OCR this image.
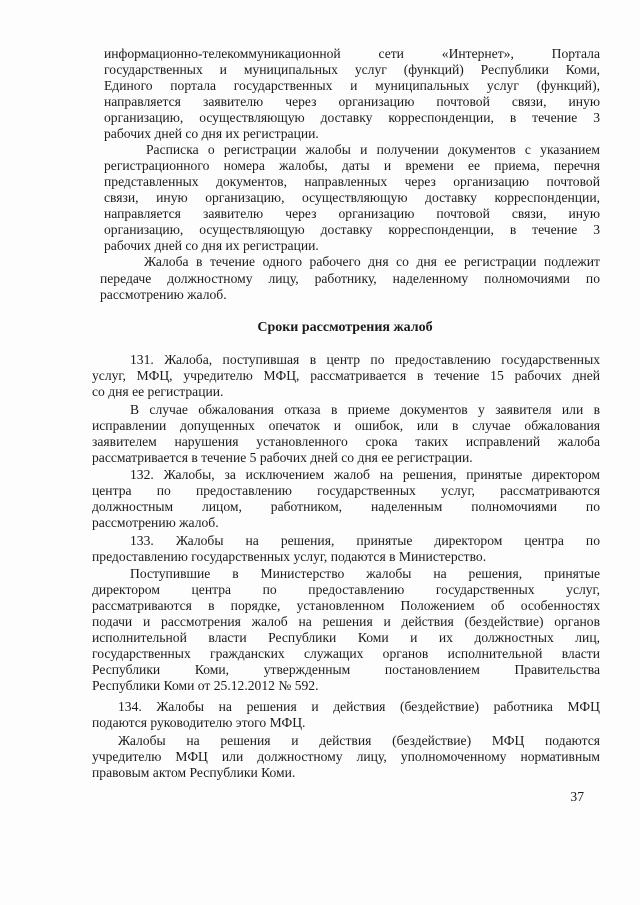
информационно-телекоммуникационной сети «Интернет», Портала
государственных и муниципальных услуг (функций) Республики Коми,
Единого портала государственных и муниципальных услуг (функций),
направляется заявителю через организацию почтовой связи, иную
организацию, осуществляющую доставку корреспонденции, в течение 3
рабочих дней со дня их регистрации.
Расписка о регистрации жалобы и получении документов с указанием
регистрационного номера жалобы, даты и времени ее приема, перечня
представленных документов, направленных через организацию почтовой
связи, иную организацию, осуществляющую доставку корреспонденции,
направляется заявителю через организацию почтовой связи, иную
организацию, осуществляющую доставку корреспонденции, в течение 3
рабочих дней со дня их регистрации.
Жалоба в течение одного рабочего дня со дня ее регистрации подлежит
передаче должностному лицу, работнику, наделенному полномочиями по
рассмотрению жалоб.
Сроки рассмотрения жалоб
131. Жалоба, поступившая в центр по предоставлению государственных
услуг, МФЦ, учредителю МФЦ, рассматривается в течение 15 рабочих дней
со дня ее регистрации.
В случае обжалования отказа в приеме документов у заявителя или в
исправлении допущенных опечаток и ошибок, или в случае обжалования
заявителем нарушения установленного срока таких исправлений жалоба
рассматривается в течение 5 рабочих дней со дня ее регистрации.
132. Жалобы, за исключением жалоб на решения, принятые директором
центра по предоставлению государственных услуг, рассматриваются
должностным лицом, работником, наделенным полномочиями по
рассмотрению жалоб.
133. Жалобы на решения, принятые директором центра по
предоставлению государственных услуг, подаются в Министерство.
Поступившие в Министерство жалобы на решения, принятые
директором центра по предоставлению государственных услуг,
рассматриваются в порядке, установленном Положением об особенностях
подачи и рассмотрения жалоб на решения и действия (бездействие) органов
исполнительной власти Республики Коми и их должностных лиц,
государственных гражданских служащих органов исполнительной власти
Республики Коми, утвержденным постановлением Правительства
Республики Коми от 25.12.2012 № 592.
134. Жалобы на решения и действия (бездействие) работника МФЦ
подаются руководителю этого МФЦ.
Жалобы на решения и действия (бездействие) МФЦ подаются
учредителю МФЦ или должностному лицу, уполномоченному нормативным
правовым актом Республики Коми.
37
